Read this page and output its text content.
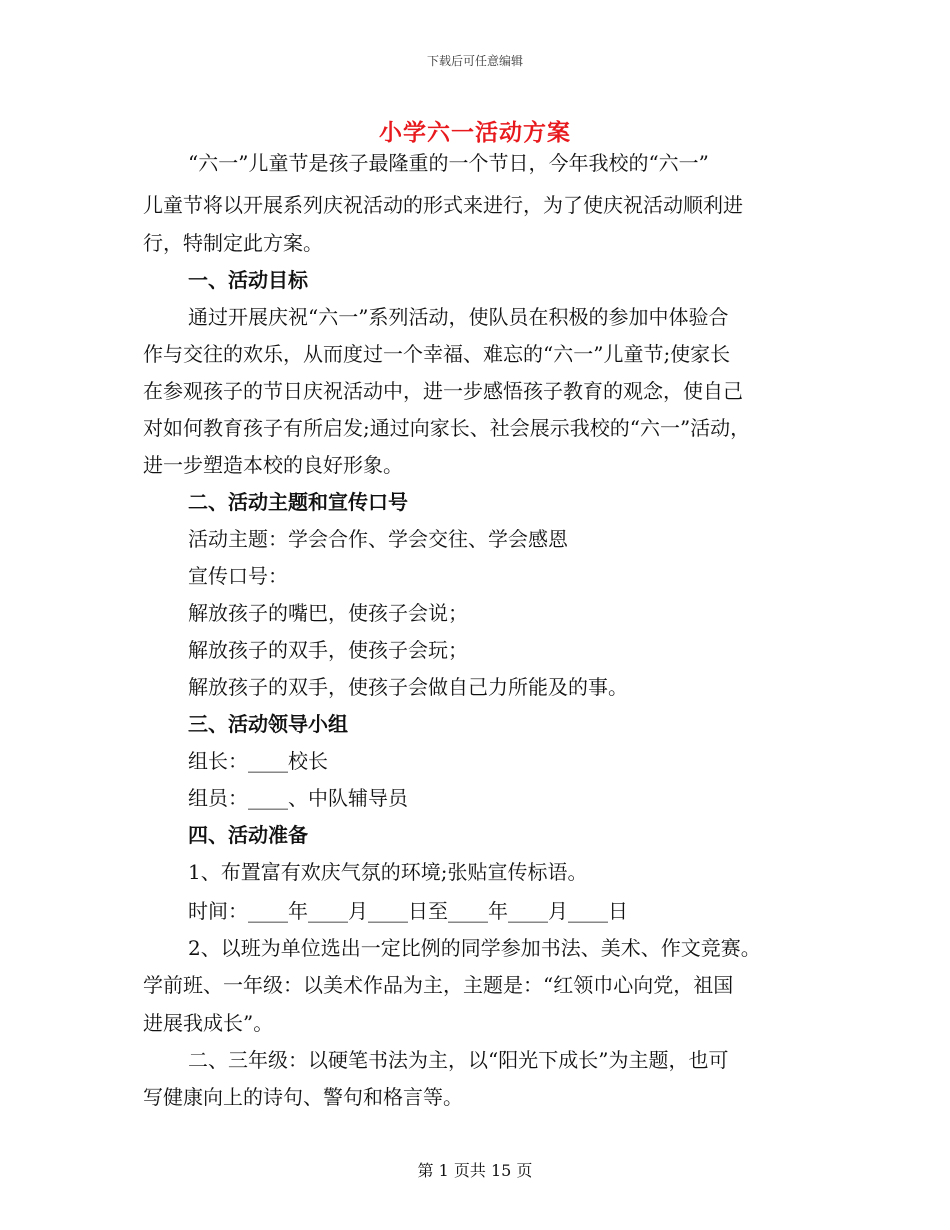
下载后可任意编辑
小学六一活动方案
“六一”儿童节是孩子最隆重的一个节日，今年我校的“六一”
儿童节将以开展系列庆祝活动的形式来进行，为了使庆祝活动顺利进
行，特制定此方案。
一、活动目标
通过开展庆祝“六一”系列活动，使队员在积极的参加中体验合
作与交往的欢乐，从而度过一个幸福、难忘的“六一”儿童节;使家长
在参观孩子的节日庆祝活动中，进一步感悟孩子教育的观念，使自己
对如何教育孩子有所启发;通过向家长、社会展示我校的“六一”活动，
进一步塑造本校的良好形象。
二、活动主题和宣传口号
活动主题：学会合作、学会交往、学会感恩
宣传口号：
解放孩子的嘴巴，使孩子会说；
解放孩子的双手，使孩子会玩；
解放孩子的双手，使孩子会做自己力所能及的事。
三、活动领导小组
组长：____校长
组员：____、中队辅导员
四、活动准备
1、布置富有欢庆气氛的环境;张贴宣传标语。
时间：____年____月____日至____年____月____日
2、以班为单位选出一定比例的同学参加书法、美术、作文竞赛。
学前班、一年级：以美术作品为主，主题是：“红领巾心向党，祖国
进展我成长”。
二、三年级：以硬笔书法为主，以“阳光下成长”为主题，也可
写健康向上的诗句、警句和格言等。
第 1 页共 15 页
